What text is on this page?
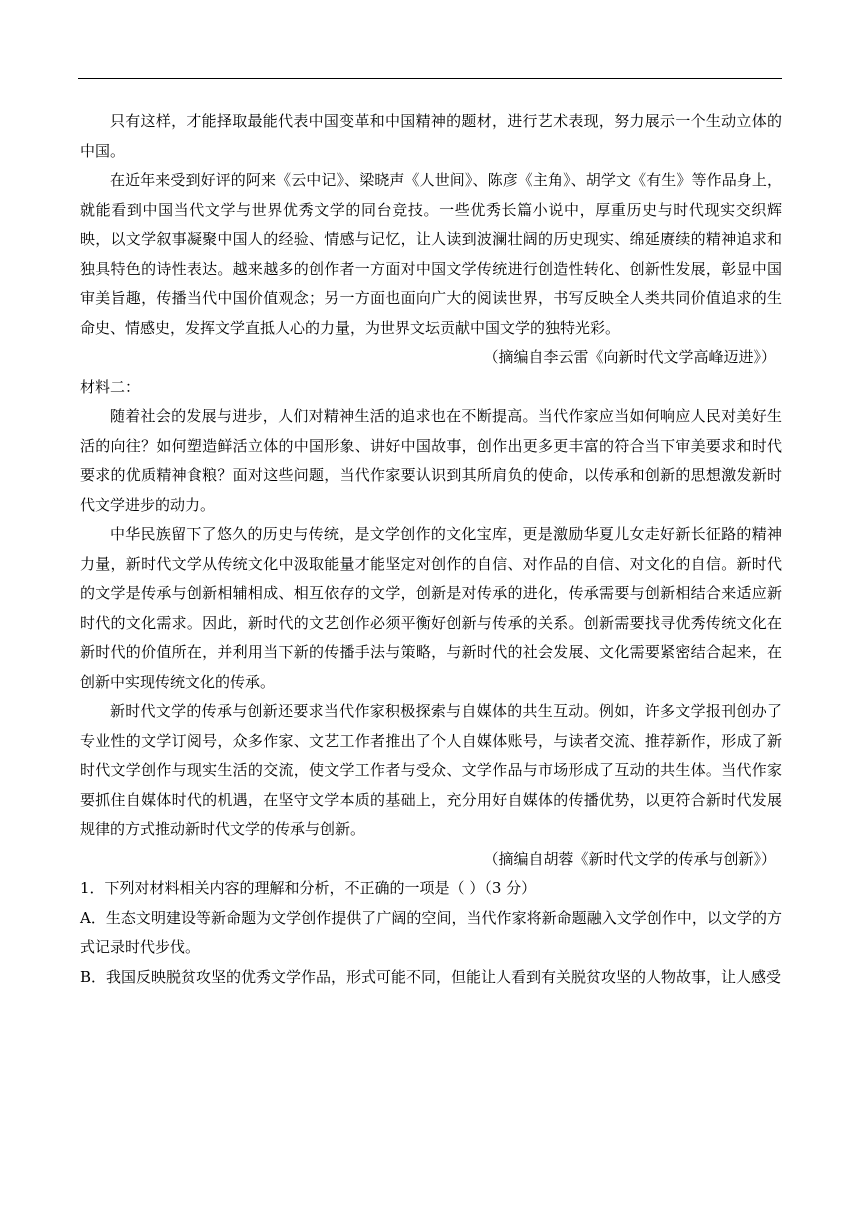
只有这样，才能择取最能代表中国变革和中国精神的题材，进行艺术表现，努力展示一个生动立体的中国。

在近年来受到好评的阿来《云中记》、梁晓声《人世间》、陈彦《主角》、胡学文《有生》等作品身上，就能看到中国当代文学与世界优秀文学的同台竞技。一些优秀长篇小说中，厚重历史与时代现实交织辉映，以文学叙事凝聚中国人的经验、情感与记忆，让人读到波澜壮阔的历史现实、绵延赓续的精神追求和独具特色的诗性表达。越来越多的创作者一方面对中国文学传统进行创造性转化、创新性发展，彰显中国审美旨趣，传播当代中国价值观念；另一方面也面向广大的阅读世界，书写反映全人类共同价值追求的生命史、情感史，发挥文学直抵人心的力量，为世界文坛贡献中国文学的独特光彩。

（摘编自李云雷《向新时代文学高峰迈进》）

材料二：

随着社会的发展与进步，人们对精神生活的追求也在不断提高。当代作家应当如何响应人民对美好生活的向往？如何塑造鲜活立体的中国形象、讲好中国故事，创作出更多更丰富的符合当下审美要求和时代要求的优质精神食粮？面对这些问题，当代作家要认识到其所肩负的使命，以传承和创新的思想激发新时代文学进步的动力。

中华民族留下了悠久的历史与传统，是文学创作的文化宝库，更是激励华夏儿女走好新长征路的精神力量，新时代文学从传统文化中汲取能量才能坚定对创作的自信、对作品的自信、对文化的自信。新时代的文学是传承与创新相辅相成、相互依存的文学，创新是对传承的进化，传承需要与创新相结合来适应新时代的文化需求。因此，新时代的文艺创作必须平衡好创新与传承的关系。创新需要找寻优秀传统文化在新时代的价值所在，并利用当下新的传播手法与策略，与新时代的社会发展、文化需要紧密结合起来，在创新中实现传统文化的传承。

新时代文学的传承与创新还要求当代作家积极探索与自媒体的共生互动。例如，许多文学报刊创办了专业性的文学订阅号，众多作家、文艺工作者推出了个人自媒体账号，与读者交流、推荐新作，形成了新时代文学创作与现实生活的交流，使文学工作者与受众、文学作品与市场形成了互动的共生体。当代作家要抓住自媒体时代的机遇，在坚守文学本质的基础上，充分用好自媒体的传播优势，以更符合新时代发展规律的方式推动新时代文学的传承与创新。

（摘编自胡蓉《新时代文学的传承与创新》）

1．下列对材料相关内容的理解和分析，不正确的一项是（ ）（3 分）

A．生态文明建设等新命题为文学创作提供了广阔的空间，当代作家将新命题融入文学创作中，以文学的方式记录时代步伐。

B．我国反映脱贫攻坚的优秀文学作品，形式可能不同，但能让人看到有关脱贫攻坚的人物故事，让人感受
